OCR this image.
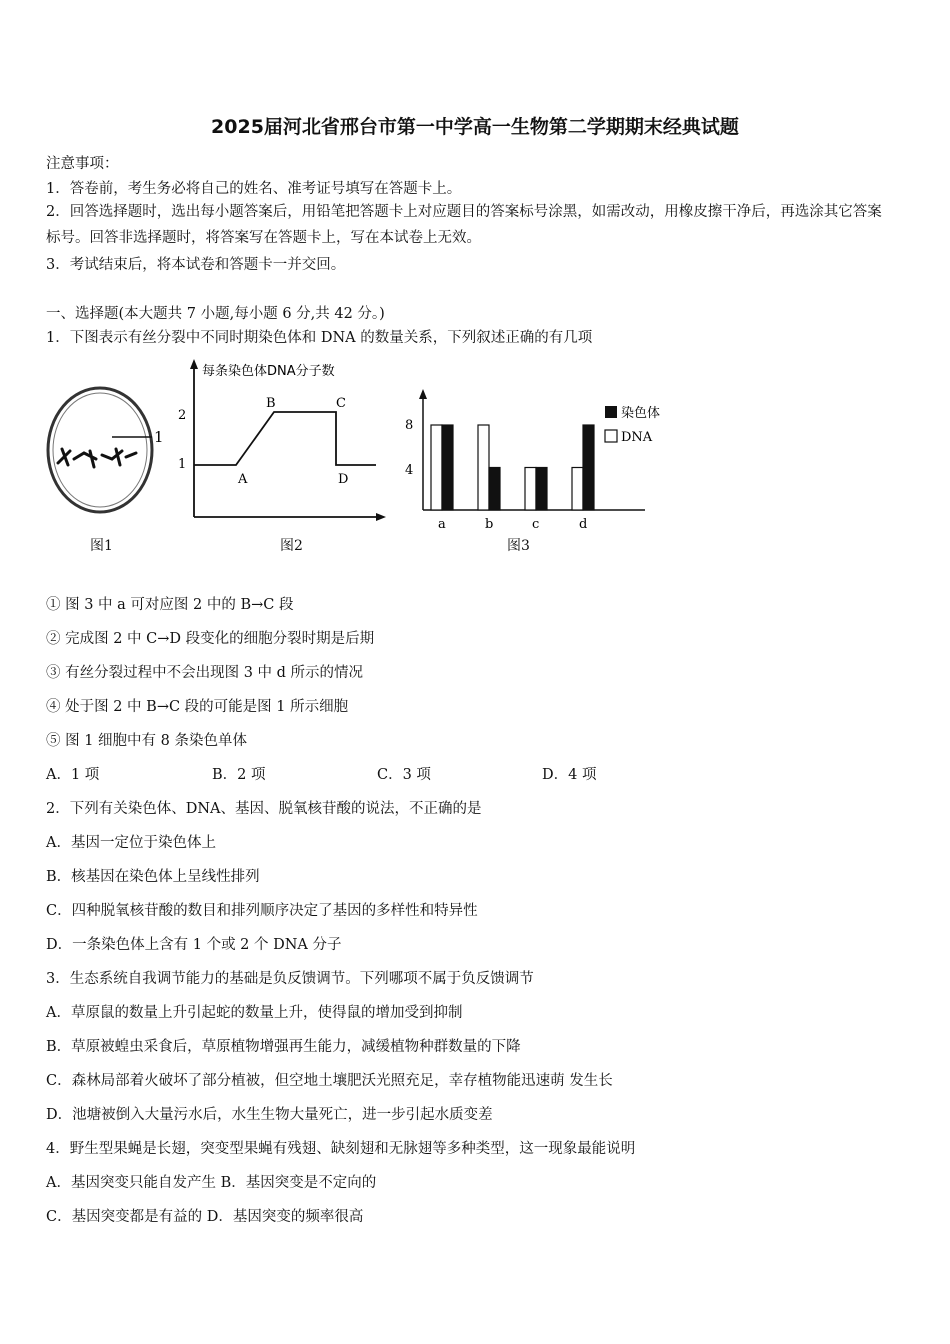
2025届河北省邢台市第一中学高一生物第二学期期末经典试题
注意事项：
1．答卷前，考生务必将自己的姓名、准考证号填写在答题卡上。
2．回答选择题时，选出每小题答案后，用铅笔把答题卡上对应题目的答案标号涂黑，如需改动，用橡皮擦干净后，再选涂其它答案标号。回答非选择题时，将答案写在答题卡上，写在本试卷上无效。
3．考试结束后，将本试卷和答题卡一并交回。
一、选择题(本大题共 7 小题,每小题 6 分,共 42 分。)
1．下图表示有丝分裂中不同时期染色体和 DNA 的数量关系，下列叙述正确的有几项
1
图1
每条染色体DNA分子数
2
1
A
B	C
D
图2
8
4
a	b	c	d
染色体
DNA
图3
① 图 3 中 a 可对应图 2 中的 B→C 段
② 完成图 2 中 C→D 段变化的细胞分裂时期是后期
③ 有丝分裂过程中不会出现图 3 中 d 所示的情况
④ 处于图 2 中 B→C 段的可能是图 1 所示细胞
⑤ 图 1 细胞中有 8 条染色单体
A．1 项	B．2 项	C．3 项	D．4 项
2．下列有关染色体、DNA、基因、脱氧核苷酸的说法，不正确的是
A．基因一定位于染色体上
B．核基因在染色体上呈线性排列
C．四种脱氧核苷酸的数目和排列顺序决定了基因的多样性和特异性
D．一条染色体上含有 1 个或 2 个 DNA 分子
3．生态系统自我调节能力的基础是负反馈调节。下列哪项不属于负反馈调节
A．草原鼠的数量上升引起蛇的数量上升，使得鼠的增加受到抑制
B．草原被蝗虫采食后，草原植物增强再生能力，减缓植物种群数量的下降
C．森林局部着火破坏了部分植被，但空地土壤肥沃光照充足，幸存植物能迅速萌 发生长
D．池塘被倒入大量污水后，水生生物大量死亡，进一步引起水质变差
4．野生型果蝇是长翅，突变型果蝇有残翅、缺刻翅和无脉翅等多种类型，这一现象最能说明
A．基因突变只能自发产生 B．基因突变是不定向的
C．基因突变都是有益的 D．基因突变的频率很高
